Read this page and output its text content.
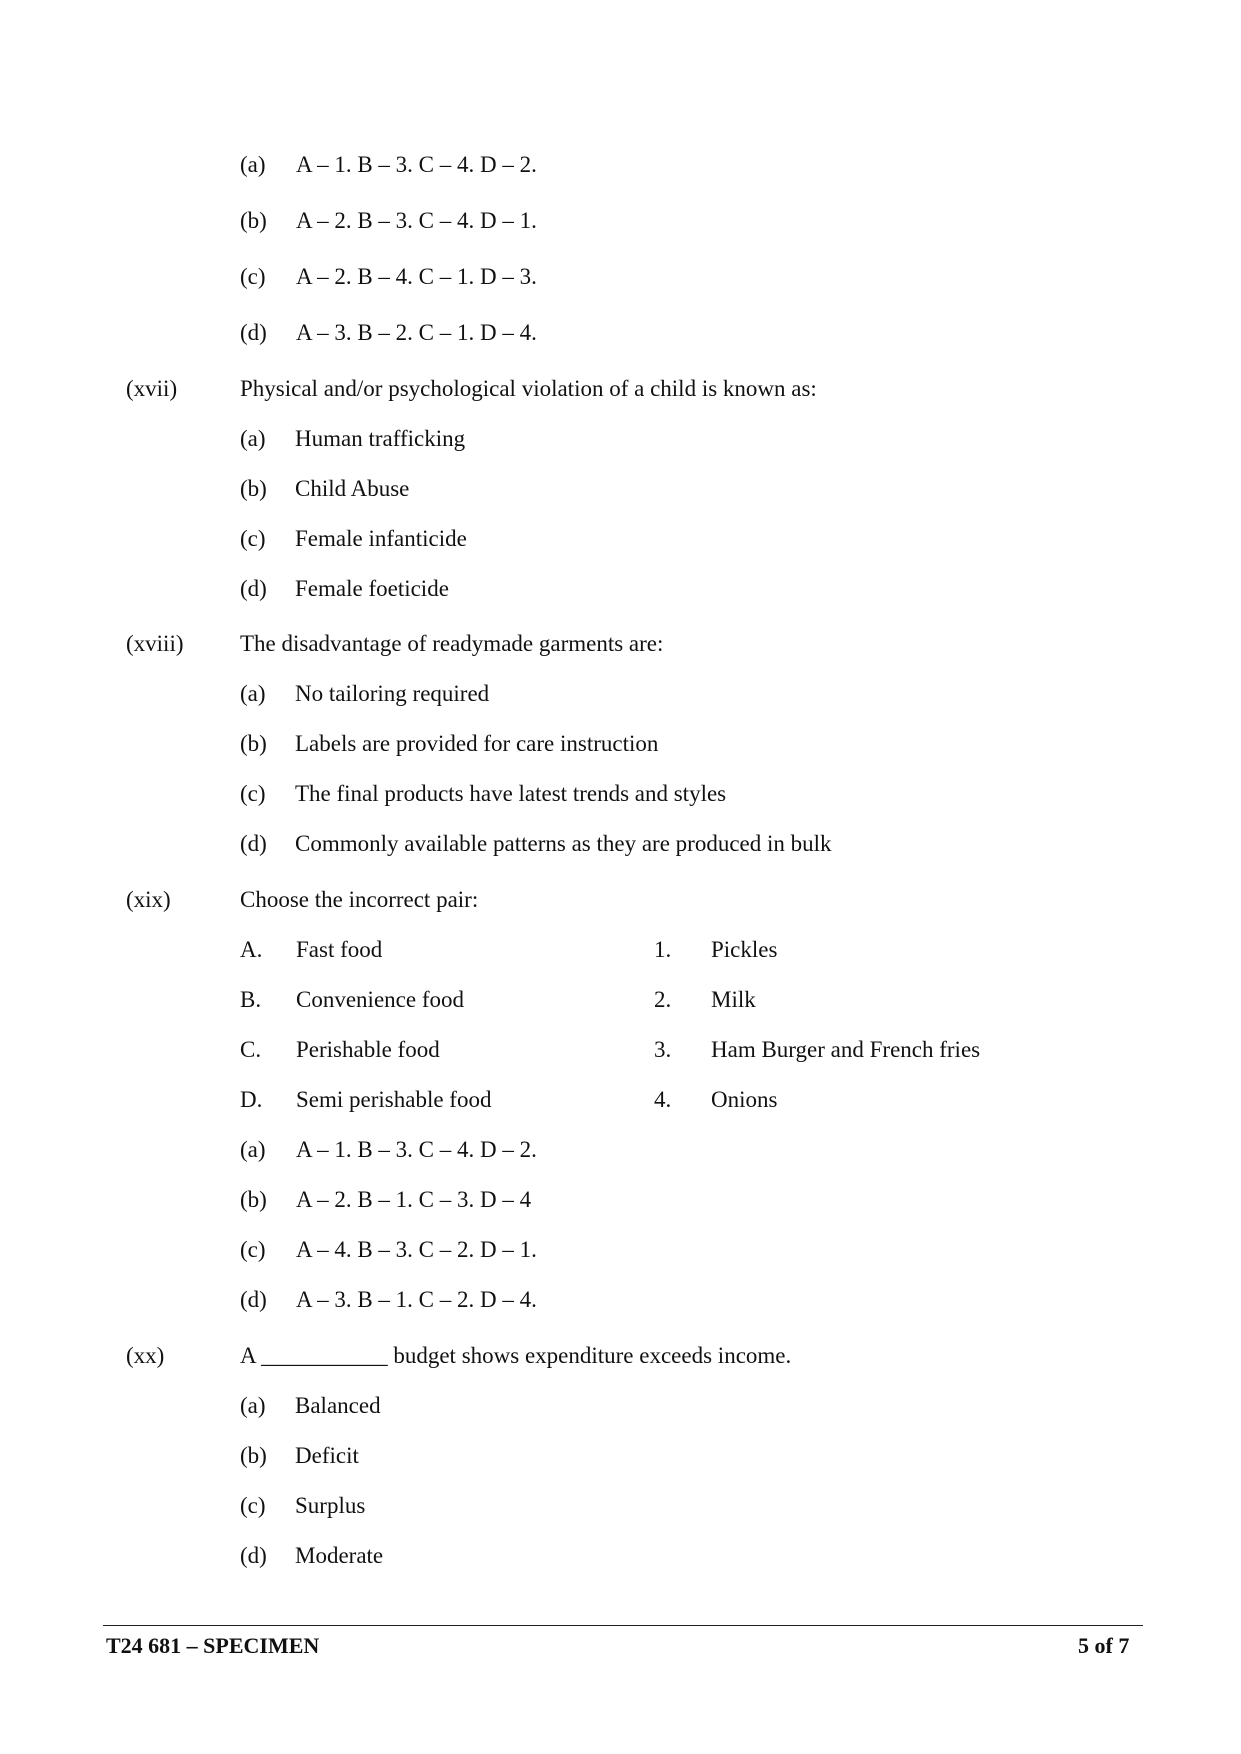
(a) A – 1. B – 3. C – 4. D – 2.
(b) A – 2. B – 3. C – 4. D – 1.
(c) A – 2. B – 4. C – 1. D – 3.
(d) A – 3. B – 2. C – 1. D – 4.
(xvii)	Physical and/or psychological violation of a child is known as:
(a) Human trafficking
(b) Child Abuse
(c) Female infanticide
(d) Female foeticide
(xviii) The disadvantage of readymade garments are:
(a) No tailoring required
(b) Labels are provided for care instruction
(c) The final products have latest trends and styles
(d) Commonly available patterns as they are produced in bulk
(xix)	Choose the incorrect pair:
A. Fast food	1. Pickles
B. Convenience food	2. Milk
C. Perishable food	3. Ham Burger and French fries
D. Semi perishable food	4. Onions
(a) A – 1. B – 3. C – 4. D – 2.
(b) A – 2. B – 1. C – 3. D – 4
(c) A – 4. B – 3. C – 2. D – 1.
(d) A – 3. B – 1. C – 2. D – 4.
(xx)	A ___________ budget shows expenditure exceeds income.
(a) Balanced
(b) Deficit
(c) Surplus
(d) Moderate
T24 681 – SPECIMEN	5 of 7
